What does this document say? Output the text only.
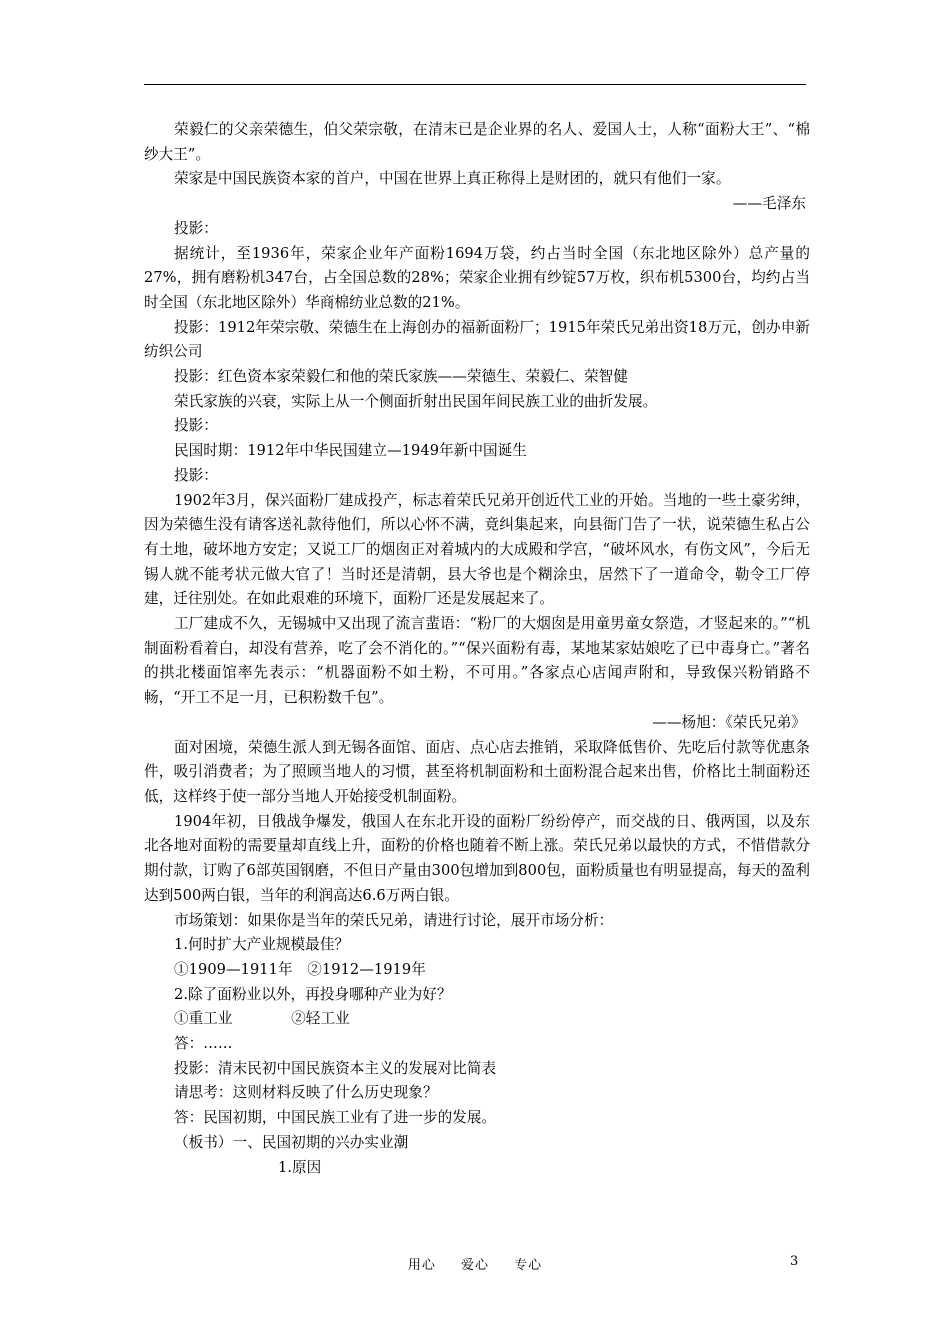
荣毅仁的父亲荣德生，伯父荣宗敬，在清末已是企业界的名人、爱国人士，人称“面粉大王”、“棉纱大王”。

荣家是中国民族资本家的首户，中国在世界上真正称得上是财团的，就只有他们一家。

——毛泽东

投影：

据统计，至1936年，荣家企业年产面粉1694万袋，约占当时全国（东北地区除外）总产量的27%，拥有磨粉机347台，占全国总数的28%；荣家企业拥有纱锭57万枚，织布机5300台，均约占当时全国（东北地区除外）华商棉纺业总数的21%。

投影：1912年荣宗敬、荣德生在上海创办的福新面粉厂；1915年荣氏兄弟出资18万元，创办申新纺织公司

投影：红色资本家荣毅仁和他的荣氏家族——荣德生、荣毅仁、荣智健

荣氏家族的兴衰，实际上从一个侧面折射出民国年间民族工业的曲折发展。

投影：

民国时期：1912年中华民国建立—1949年新中国诞生

投影：

1902年3月，保兴面粉厂建成投产，标志着荣氏兄弟开创近代工业的开始。当地的一些土豪劣绅，因为荣德生没有请客送礼款待他们，所以心怀不满，竟纠集起来，向县衙门告了一状，说荣德生私占公有土地，破坏地方安定；又说工厂的烟囱正对着城内的大成殿和学宫，“破坏风水，有伤文风”，今后无锡人就不能考状元做大官了！当时还是清朝，县大爷也是个糊涂虫，居然下了一道命令，勒令工厂停建，迁往别处。在如此艰难的环境下，面粉厂还是发展起来了。

工厂建成不久，无锡城中又出现了流言蜚语：“粉厂的大烟囱是用童男童女祭造，才竖起来的。”“机制面粉看着白，却没有营养，吃了会不消化的。”“保兴面粉有毒，某地某家姑娘吃了已中毒身亡。”著名的拱北楼面馆率先表示：“机器面粉不如土粉，不可用。”各家点心店闻声附和，导致保兴粉销路不畅，“开工不足一月，已积粉数千包”。

——杨旭：《荣氏兄弟》

面对困境，荣德生派人到无锡各面馆、面店、点心店去推销，采取降低售价、先吃后付款等优惠条件，吸引消费者；为了照顾当地人的习惯，甚至将机制面粉和土面粉混合起来出售，价格比土制面粉还低，这样终于使一部分当地人开始接受机制面粉。

1904年初，日俄战争爆发，俄国人在东北开设的面粉厂纷纷停产，而交战的日、俄两国，以及东北各地对面粉的需要量却直线上升，面粉的价格也随着不断上涨。荣氏兄弟以最快的方式，不惜借款分期付款，订购了6部英国钢磨，不但日产量由300包增加到800包，面粉质量也有明显提高，每天的盈利达到500两白银，当年的利润高达6.6万两白银。

市场策划：如果你是当年的荣氏兄弟，请进行讨论，展开市场分析：

1.何时扩大产业规模最佳？

①1909—1911年　②1912—1919年

2.除了面粉业以外，再投身哪种产业为好？

①重工业　　　　②轻工业

答：……

投影：清末民初中国民族资本主义的发展对比简表

请思考：这则材料反映了什么历史现象？

答：民国初期，中国民族工业有了进一步的发展。

（板书）一、民国初期的兴办实业潮

1.原因

用心 爱心 专心	3
